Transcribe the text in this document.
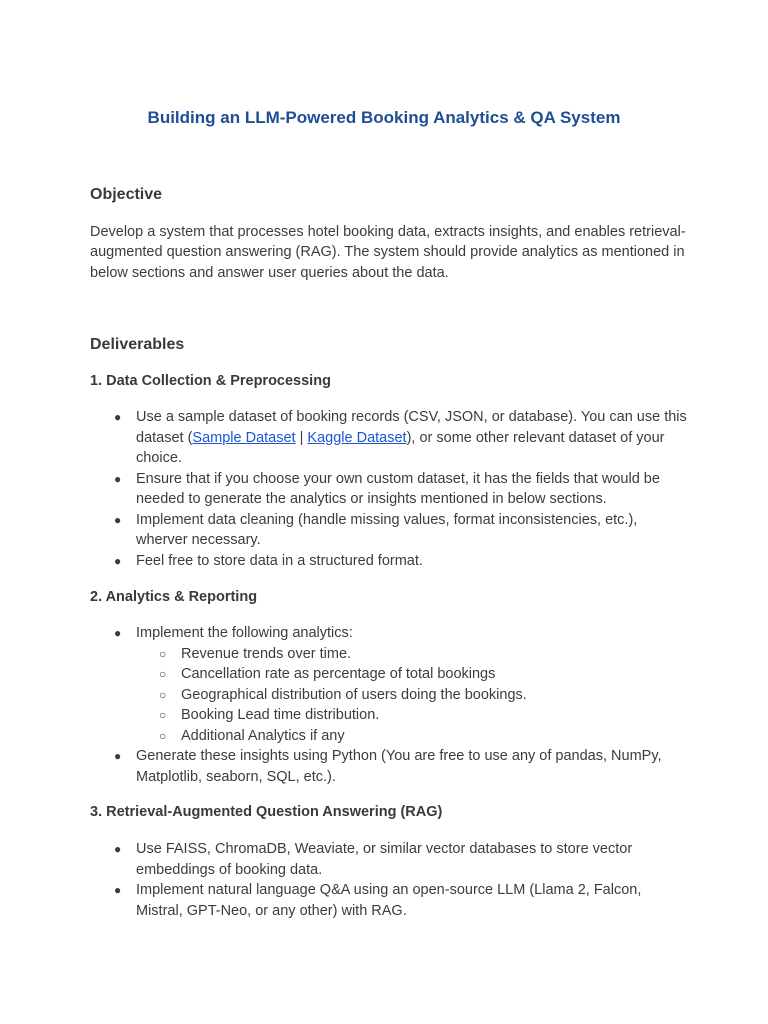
Building an LLM-Powered Booking Analytics & QA System
Objective

Develop a system that processes hotel booking data, extracts insights, and enables retrieval-augmented question answering (RAG). The system should provide analytics as mentioned in below sections and answer user queries about the data.

Deliverables
1. Data Collection & Preprocessing
● Use a sample dataset of booking records (CSV, JSON, or database). You can use this dataset (Sample Dataset | Kaggle Dataset), or some other relevant dataset of your choice.
● Ensure that if you choose your own custom dataset, it has the fields that would be needed to generate the analytics or insights mentioned in below sections.
● Implement data cleaning (handle missing values, format inconsistencies, etc.), wherver necessary.
● Feel free to store data in a structured format.
2. Analytics & Reporting
● Implement the following analytics:
○ Revenue trends over time.
○ Cancellation rate as percentage of total bookings
○ Geographical distribution of users doing the bookings.
○ Booking Lead time distribution.
○ Additional Analytics if any
● Generate these insights using Python (You are free to use any of pandas, NumPy, Matplotlib, seaborn, SQL, etc.).
3. Retrieval-Augmented Question Answering (RAG)
● Use FAISS, ChromaDB, Weaviate, or similar vector databases to store vector embeddings of booking data.
● Implement natural language Q&A using an open-source LLM (Llama 2, Falcon, Mistral, GPT-Neo, or any other) with RAG.
